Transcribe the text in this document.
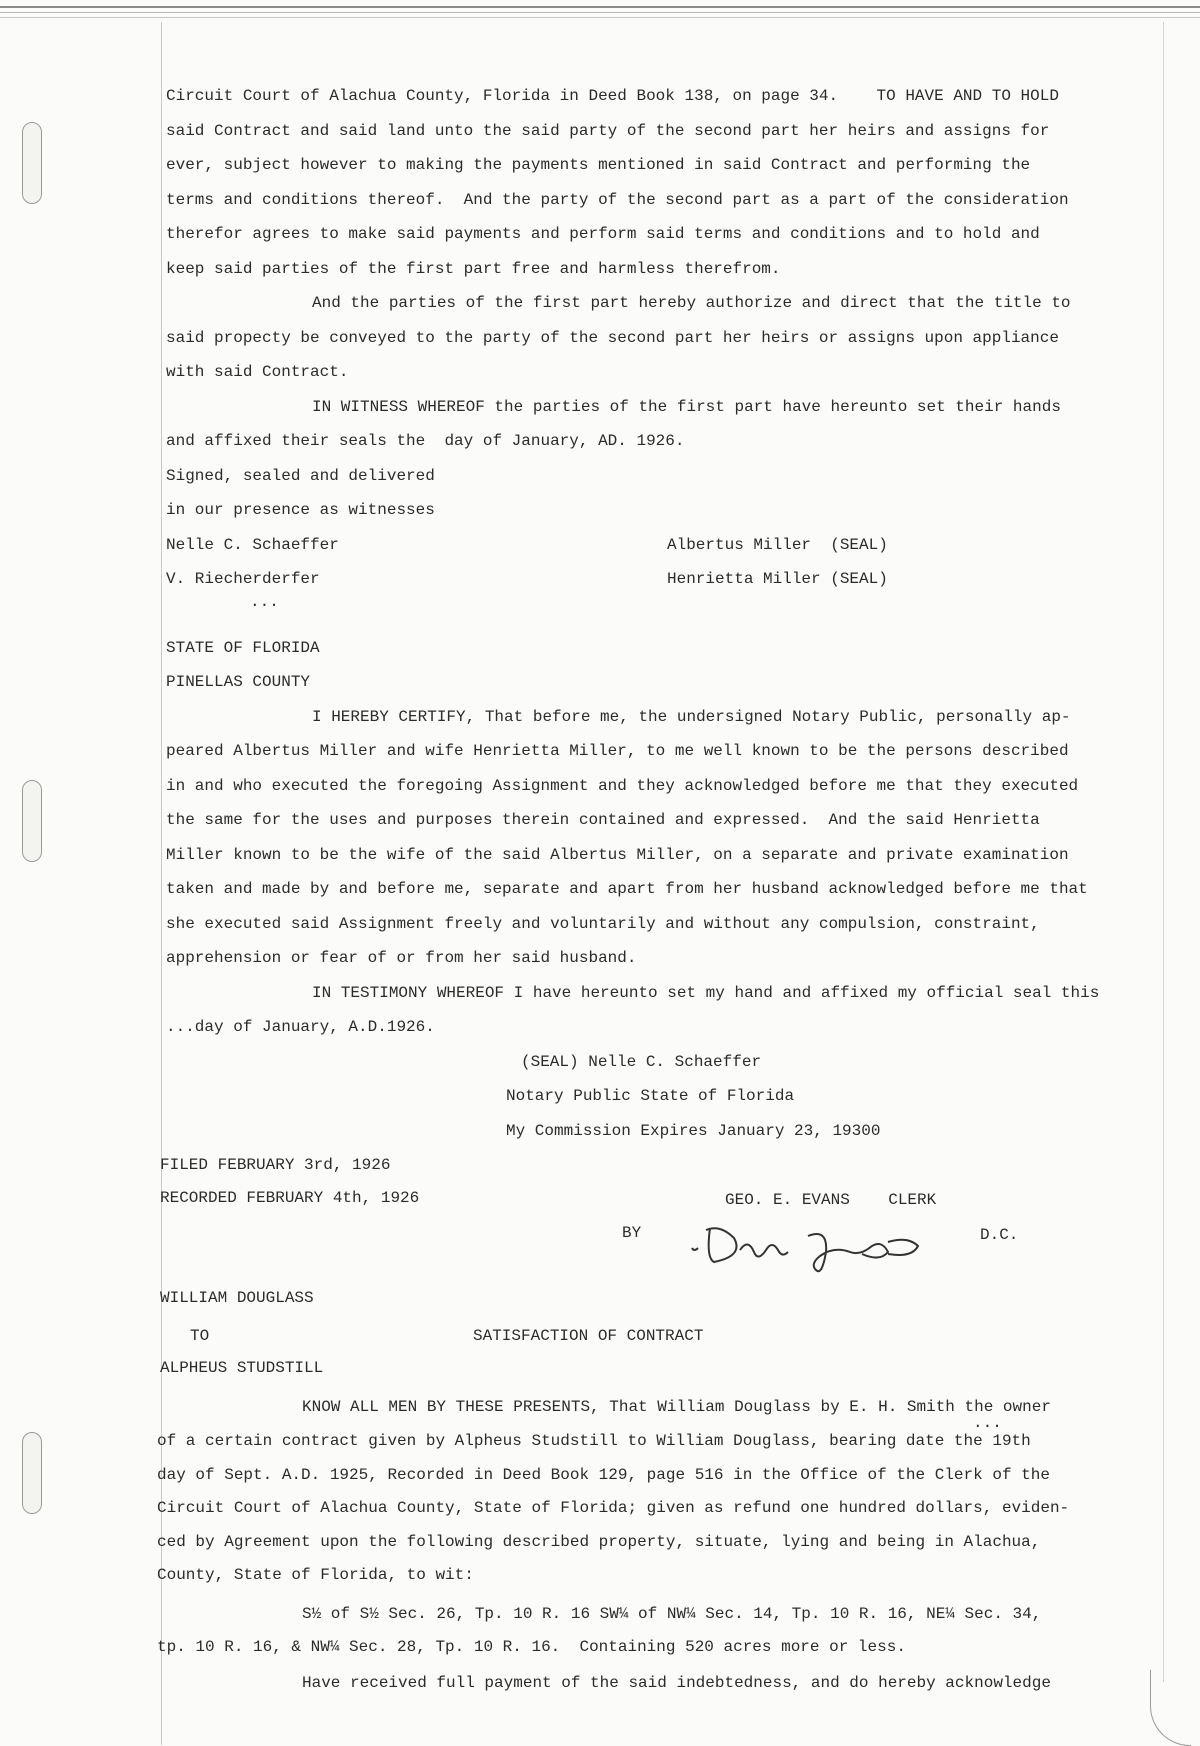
Circuit Court of Alachua County, Florida in Deed Book 138, on page 34.    TO HAVE AND TO HOLD
said Contract and said land unto the said party of the second part her heirs and assigns for
ever, subject however to making the payments mentioned in said Contract and performing the
terms and conditions thereof.  And the party of the second part as a part of the consideration
therefor agrees to make said payments and perform said terms and conditions and to hold and
keep said parties of the first part free and harmless therefrom.
And the parties of the first part hereby authorize and direct that the title to
said propecty be conveyed to the party of the second part her heirs or assigns upon appliance
with said Contract.
IN WITNESS WHEREOF the parties of the first part have hereunto set their hands
and affixed their seals the  day of January, AD. 1926.
Signed, sealed and delivered
in our presence as witnesses
Nelle C. Schaeffer	Albertus Miller  (SEAL)
V. Riecherderfer	Henrietta Miller (SEAL)
...
STATE OF FLORIDA
PINELLAS COUNTY
I HEREBY CERTIFY, That before me, the undersigned Notary Public, personally ap-
peared Albertus Miller and wife Henrietta Miller, to me well known to be the persons described
in and who executed the foregoing Assignment and they acknowledged before me that they executed
the same for the uses and purposes therein contained and expressed.  And the said Henrietta
Miller known to be the wife of the said Albertus Miller, on a separate and private examination
taken and made by and before me, separate and apart from her husband acknowledged before me that
she executed said Assignment freely and voluntarily and without any compulsion, constraint,
apprehension or fear of or from her said husband.
IN TESTIMONY WHEREOF I have hereunto set my hand and affixed my official seal this
...day of January, A.D.1926.
(SEAL) Nelle C. Schaeffer
Notary Public State of Florida
My Commission Expires January 23, 19300
FILED FEBRUARY 3rd, 1926
RECORDED FEBRUARY 4th, 1926	GEO. E. EVANS    CLERK
BY	D.C.
WILLIAM DOUGLASS
TO	SATISFACTION OF CONTRACT
ALPHEUS STUDSTILL
KNOW ALL MEN BY THESE PRESENTS, That William Douglass by E. H. Smith the owner
...
of a certain contract given by Alpheus Studstill to William Douglass, bearing date the 19th
day of Sept. A.D. 1925, Recorded in Deed Book 129, page 516 in the Office of the Clerk of the
Circuit Court of Alachua County, State of Florida; given as refund one hundred dollars, eviden-
ced by Agreement upon the following described property, situate, lying and being in Alachua,
County, State of Florida, to wit:
S½ of S½ Sec. 26, Tp. 10 R. 16 SW¼ of NW¼ Sec. 14, Tp. 10 R. 16, NE¼ Sec. 34,
tp. 10 R. 16, & NW¼ Sec. 28, Tp. 10 R. 16.  Containing 520 acres more or less.
Have received full payment of the said indebtedness, and do hereby acknowledge
